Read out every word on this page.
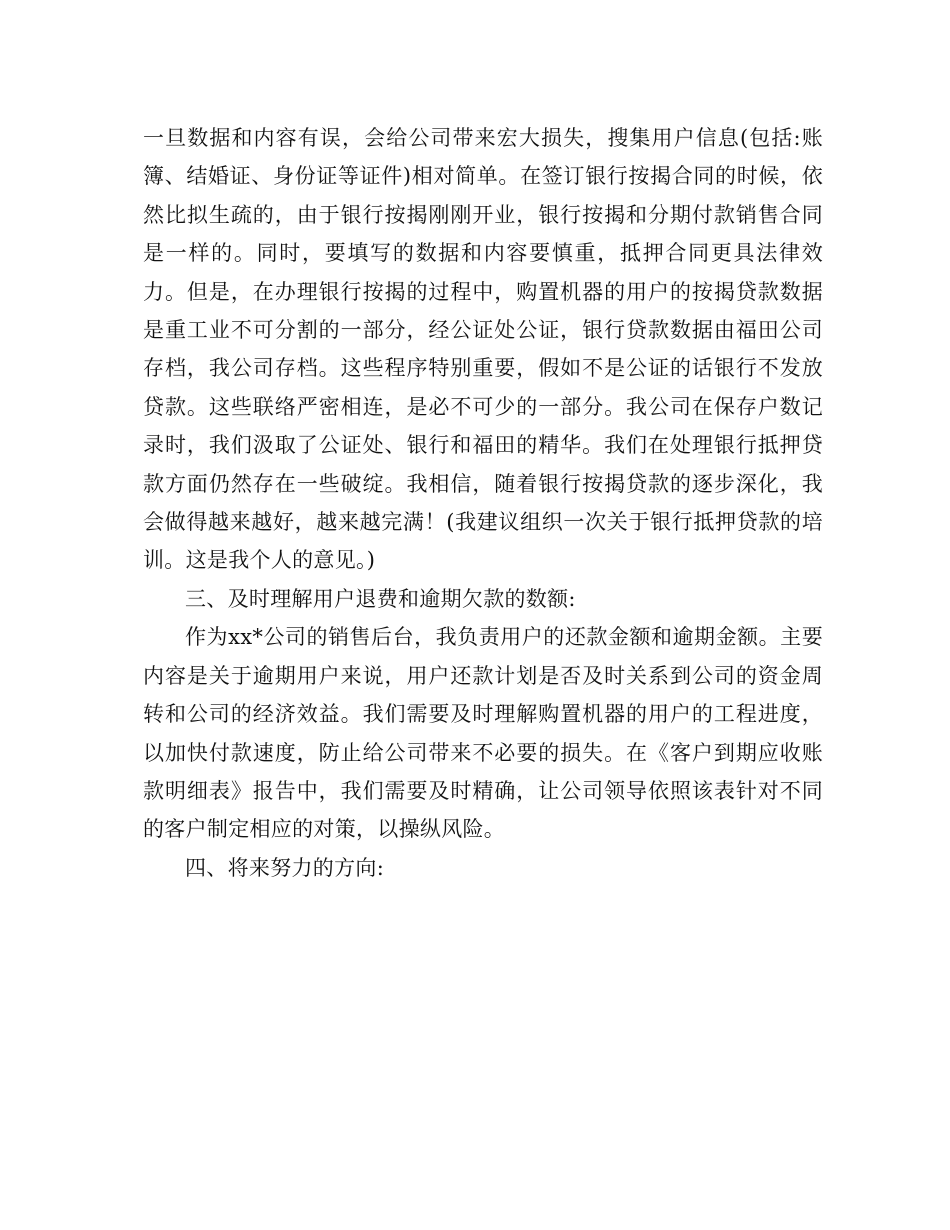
一旦数据和内容有误，会给公司带来宏大损失，搜集用户信息(包括:账簿、结婚证、身份证等证件)相对简单。在签订银行按揭合同的时候，依然比拟生疏的，由于银行按揭刚刚开业，银行按揭和分期付款销售合同是一样的。同时，要填写的数据和内容要慎重，抵押合同更具法律效力。但是，在办理银行按揭的过程中，购置机器的用户的按揭贷款数据是重工业不可分割的一部分，经公证处公证，银行贷款数据由福田公司存档，我公司存档。这些程序特别重要，假如不是公证的话银行不发放贷款。这些联络严密相连，是必不可少的一部分。我公司在保存户数记录时，我们汲取了公证处、银行和福田的精华。我们在处理银行抵押贷款方面仍然存在一些破绽。我相信，随着银行按揭贷款的逐步深化，我会做得越来越好，越来越完满！(我建议组织一次关于银行抵押贷款的培训。这是我个人的意见。)

三、及时理解用户退费和逾期欠款的数额:

作为xx*公司的销售后台，我负责用户的还款金额和逾期金额。主要内容是关于逾期用户来说，用户还款计划是否及时关系到公司的资金周转和公司的经济效益。我们需要及时理解购置机器的用户的工程进度，以加快付款速度，防止给公司带来不必要的损失。在《客户到期应收账款明细表》报告中，我们需要及时精确，让公司领导依照该表针对不同的客户制定相应的对策，以操纵风险。

四、将来努力的方向:
